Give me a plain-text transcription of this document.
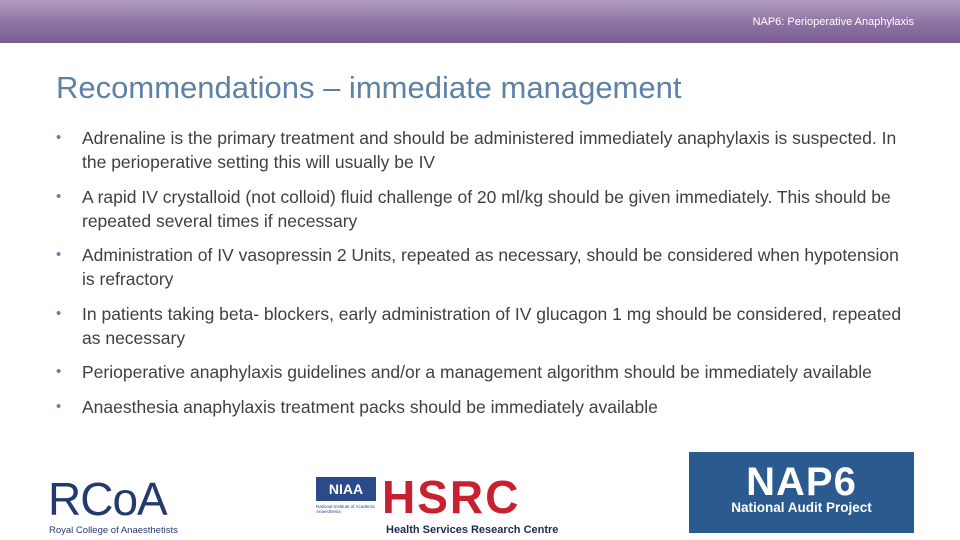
NAP6: Perioperative Anaphylaxis
Recommendations – immediate management
• Adrenaline is the primary treatment and should be administered immediately anaphylaxis is suspected. In the perioperative setting this will usually be IV
• A rapid IV crystalloid (not colloid) fluid challenge of 20 ml/kg should be given immediately. This should be repeated several times if necessary
• Administration of IV vasopressin 2 Units, repeated as necessary, should be considered when hypotension is refractory
• In patients taking beta- blockers, early administration of IV glucagon 1 mg should be considered, repeated as necessary
• Perioperative anaphylaxis guidelines and/or a management algorithm should be immediately available
• Anaesthesia anaphylaxis treatment packs should be immediately available
RCoA
Royal College of Anaesthetists
NIAA
National Institute of Academic Anaesthesia HSRC
Health Services Research Centre
NAP6
National Audit Project
